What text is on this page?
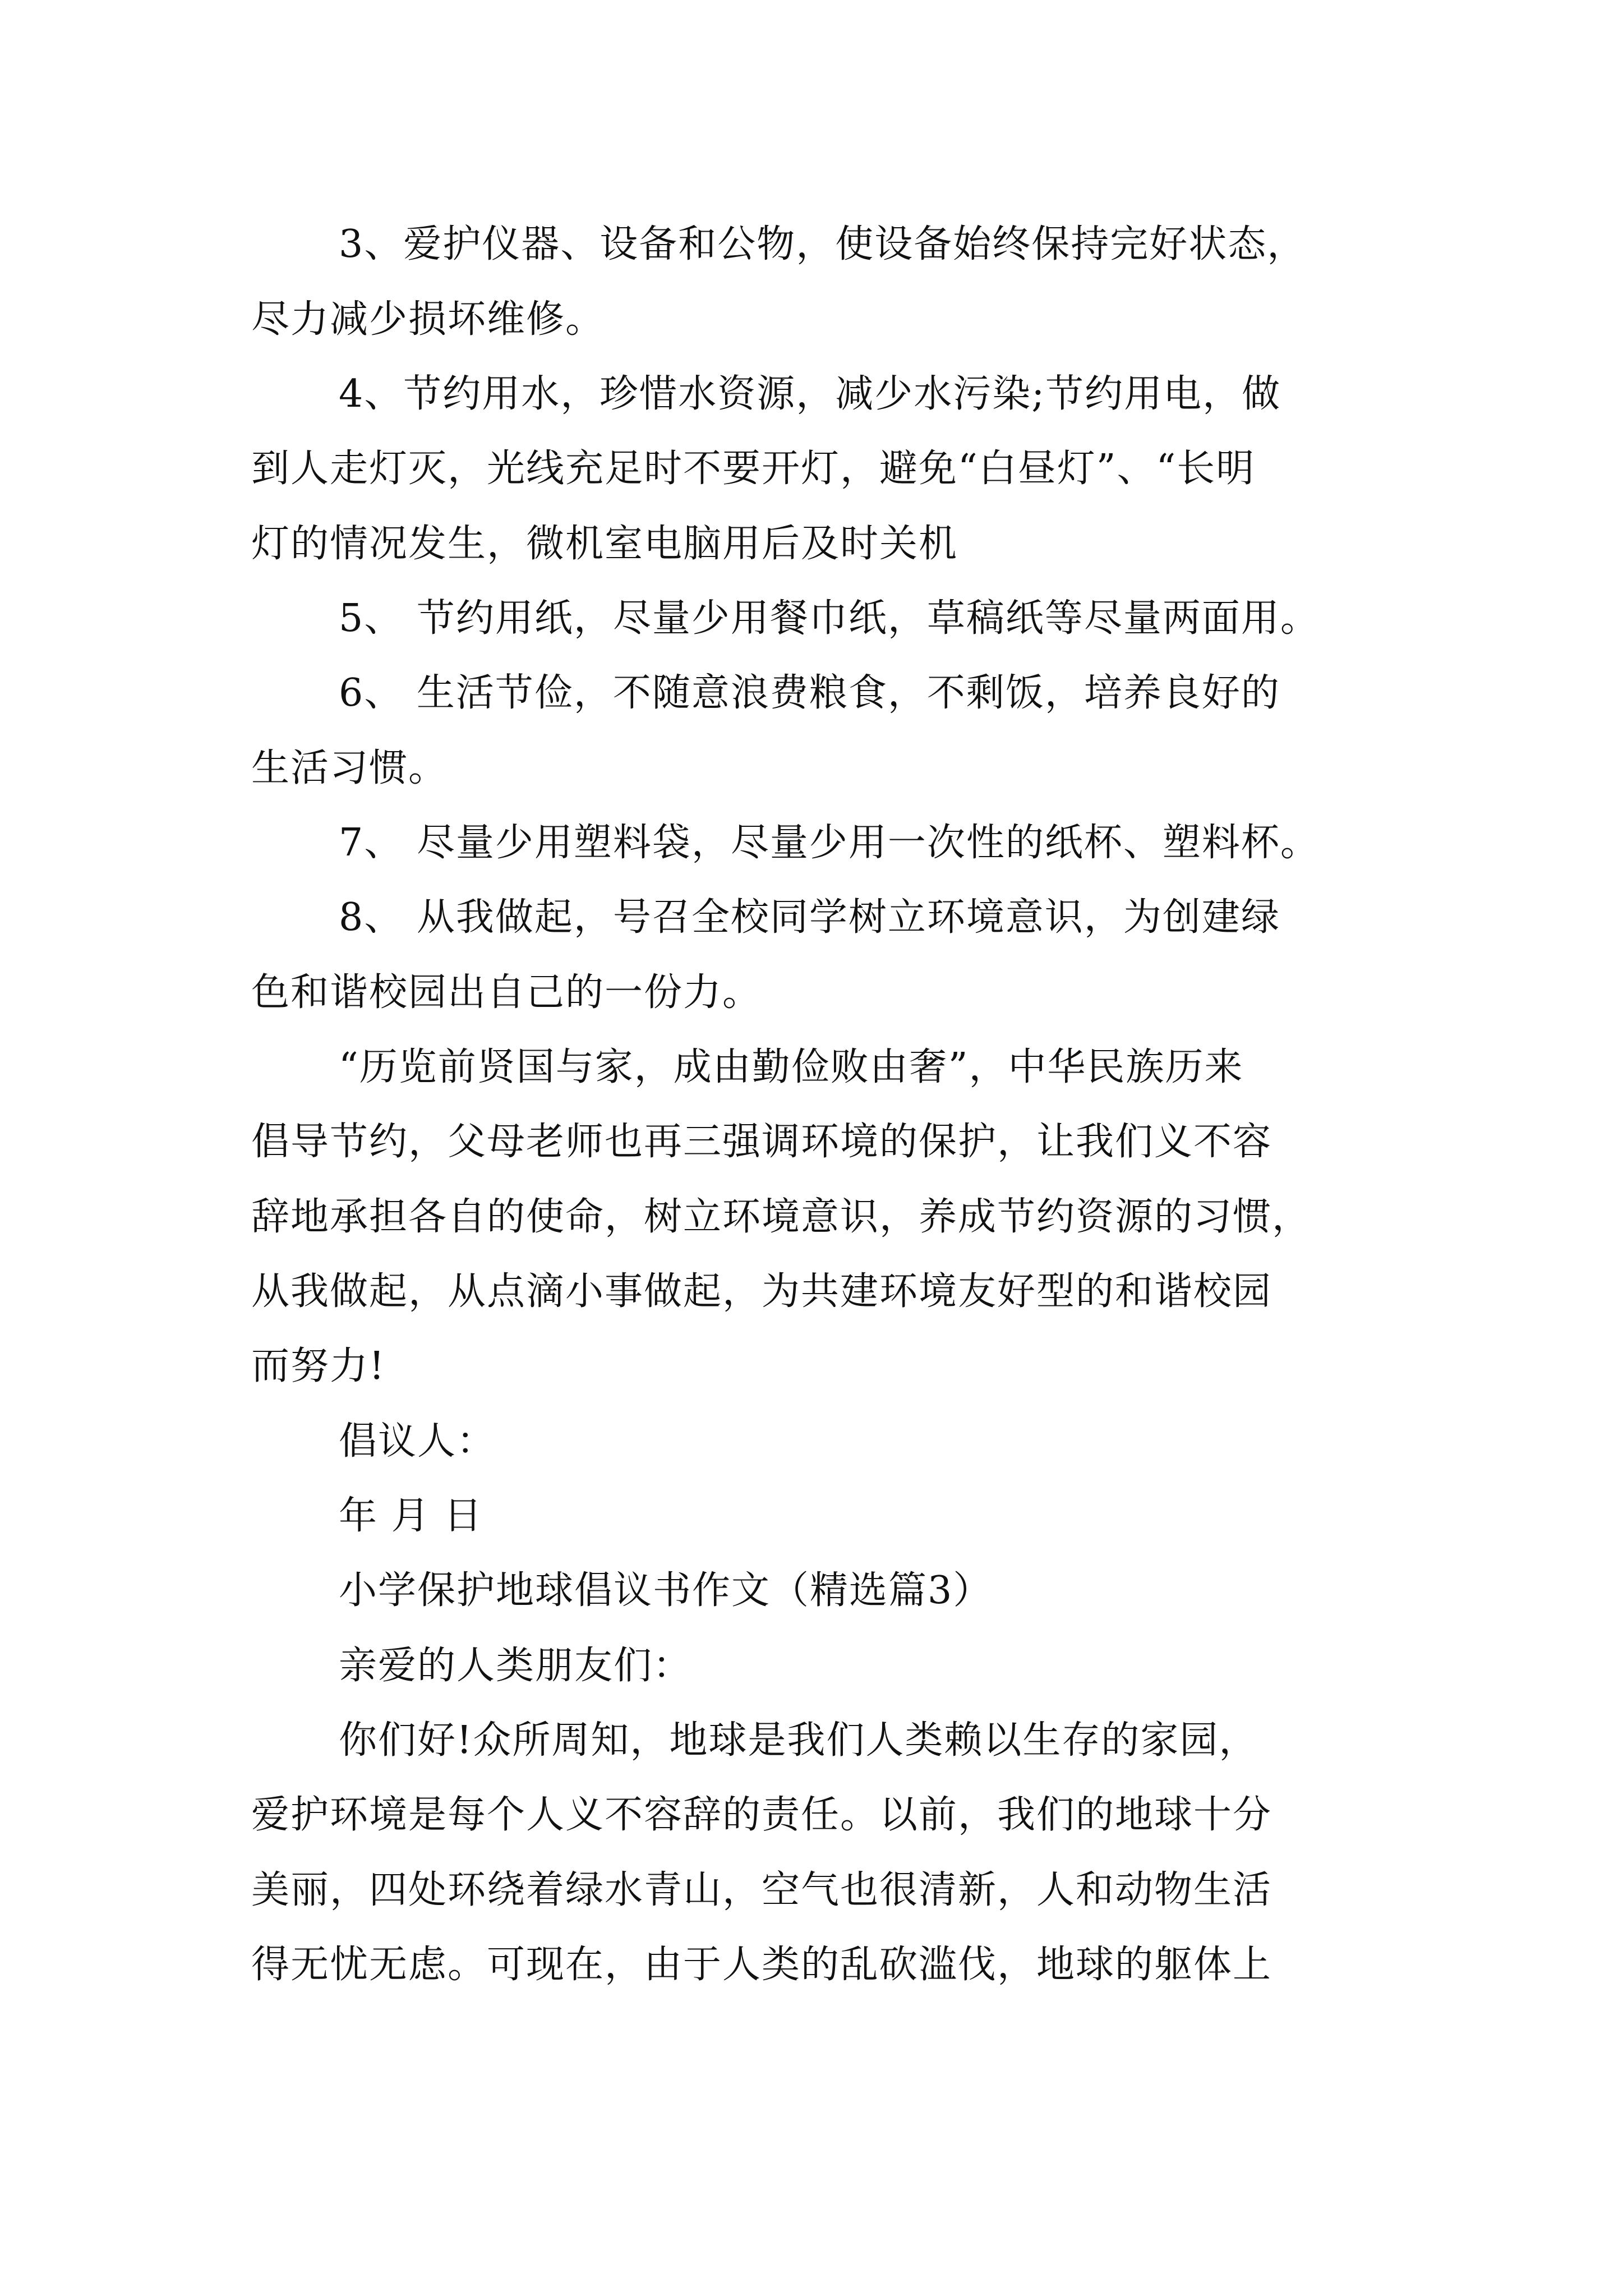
3、爱护仪器、设备和公物，使设备始终保持完好状态，
尽力减少损坏维修。
4、节约用水，珍惜水资源，减少水污染;节约用电，做
到人走灯灭，光线充足时不要开灯，避免“白昼灯”、“长明
灯的情况发生，微机室电脑用后及时关机
5、 节约用纸，尽量少用餐巾纸，草稿纸等尽量两面用。
6、 生活节俭，不随意浪费粮食，不剩饭，培养良好的
生活习惯。
7、 尽量少用塑料袋，尽量少用一次性的纸杯、塑料杯。
8、 从我做起，号召全校同学树立环境意识，为创建绿
色和谐校园出自己的一份力。
“历览前贤国与家，成由勤俭败由奢”，中华民族历来
倡导节约，父母老师也再三强调环境的保护，让我们义不容
辞地承担各自的使命，树立环境意识，养成节约资源的习惯，
从我做起，从点滴小事做起，为共建环境友好型的和谐校园
而努力!
倡议人：
年 月 日
小学保护地球倡议书作文（精选篇3）
亲爱的人类朋友们：
你们好!众所周知，地球是我们人类赖以生存的家园，
爱护环境是每个人义不容辞的责任。以前，我们的地球十分
美丽，四处环绕着绿水青山，空气也很清新，人和动物生活
得无忧无虑。可现在，由于人类的乱砍滥伐，地球的躯体上
